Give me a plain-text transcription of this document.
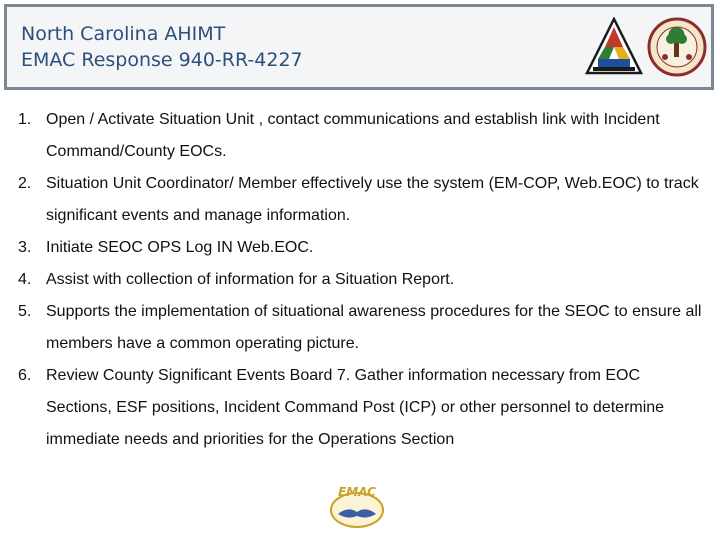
North Carolina AHIMT
EMAC Response 940-RR-4227
1. Open / Activate Situation Unit , contact communications and establish link with Incident Command/County EOCs.
2. Situation Unit Coordinator/ Member effectively use the system (EM-COP, Web.EOC) to track significant events and manage information.
3. Initiate SEOC OPS Log IN Web.EOC.
4. Assist with collection of information for a Situation Report.
5. Supports the implementation of situational awareness procedures for the SEOC to ensure all members have a common operating picture.
6. Review County Significant Events Board 7. Gather information necessary from EOC Sections, ESF positions, Incident Command Post (ICP) or other personnel to determine immediate needs and priorities for the Operations Section
EMAC
